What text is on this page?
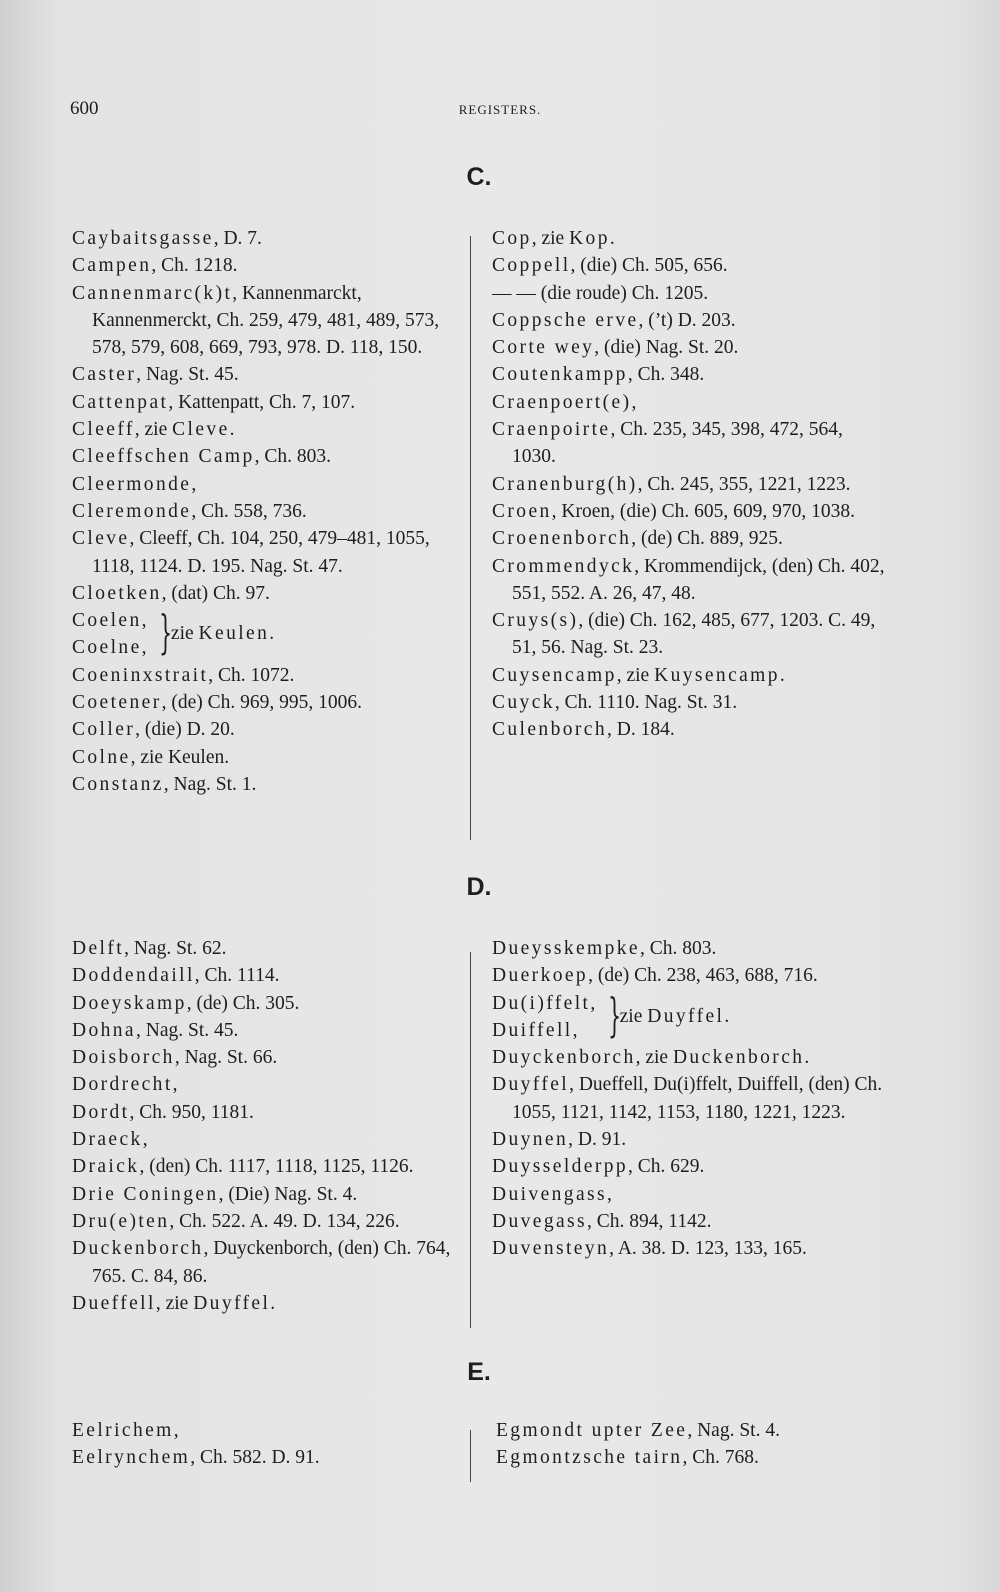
600	REGISTERS.
C.
Caybaitsgasse, D. 7.
Campen, Ch. 1218.
Cannenmarc(k)t, Kannenmarckt, Kannenmerckt, Ch. 259, 479, 481, 489, 573, 578, 579, 608, 669, 793, 978. D. 118, 150.
Caster, Nag. St. 45.
Cattenpat, Kattenpatt, Ch. 7, 107.
Cleeff, zie Cleve.
Cleeffschen Camp, Ch. 803.
Cleermonde,
Cleremonde, Ch. 558, 736.
Cleve, Cleeff, Ch. 104, 250, 479–481, 1055, 1118, 1124. D. 195. Nag. St. 47.
Cloetken, (dat) Ch. 97.
Coelen,
Coelne, }
zie Keulen.
Coeninxstrait, Ch. 1072.
Coetener, (de) Ch. 969, 995, 1006.
Coller, (die) D. 20.
Colne, zie Keulen.
Constanz, Nag. St. 1.
Cop, zie Kop.
Coppell, (die) Ch. 505, 656.
— — (die roude) Ch. 1205.
Coppsche erve, (’t) D. 203.
Corte wey, (die) Nag. St. 20.
Coutenkampp, Ch. 348.
Craenpoert(e),
Craenpoirte, Ch. 235, 345, 398, 472, 564, 1030.
Cranenburg(h), Ch. 245, 355, 1221, 1223.
Croen, Kroen, (die) Ch. 605, 609, 970, 1038.
Croenenborch, (de) Ch. 889, 925.
Crommendyck, Krommendijck, (den) Ch. 402, 551, 552. A. 26, 47, 48.
Cruys(s), (die) Ch. 162, 485, 677, 1203. C. 49, 51, 56. Nag. St. 23.
Cuysencamp, zie Kuysencamp.
Cuyck, Ch. 1110. Nag. St. 31.
Culenborch, D. 184.
D.
Delft, Nag. St. 62.
Doddendaill, Ch. 1114.
Doeyskamp, (de) Ch. 305.
Dohna, Nag. St. 45.
Doisborch, Nag. St. 66.
Dordrecht,
Dordt, Ch. 950, 1181.
Draeck,
Draick, (den) Ch. 1117, 1118, 1125, 1126.
Drie Coningen, (Die) Nag. St. 4.
Dru(e)ten, Ch. 522. A. 49. D. 134, 226.
Duckenborch, Duyckenborch, (den) Ch. 764, 765. C. 84, 86.
Dueffell, zie Duyffel.
Dueysskempke, Ch. 803.
Duerkoep, (de) Ch. 238, 463, 688, 716.
Du(i)ffelt,
Duiffell, }
zie Duyffel.
Duyckenborch, zie Duckenborch.
Duyffel, Dueffell, Du(i)ffelt, Duiffell, (den) Ch. 1055, 1121, 1142, 1153, 1180, 1221, 1223.
Duynen, D. 91.
Duysselderpp, Ch. 629.
Duivengass,
Duvegass, Ch. 894, 1142.
Duvensteyn, A. 38. D. 123, 133, 165.
E.
Eelrichem,
Eelrynchem, Ch. 582. D. 91.
Egmondt upter Zee, Nag. St. 4.
Egmontzsche tairn, Ch. 768.
